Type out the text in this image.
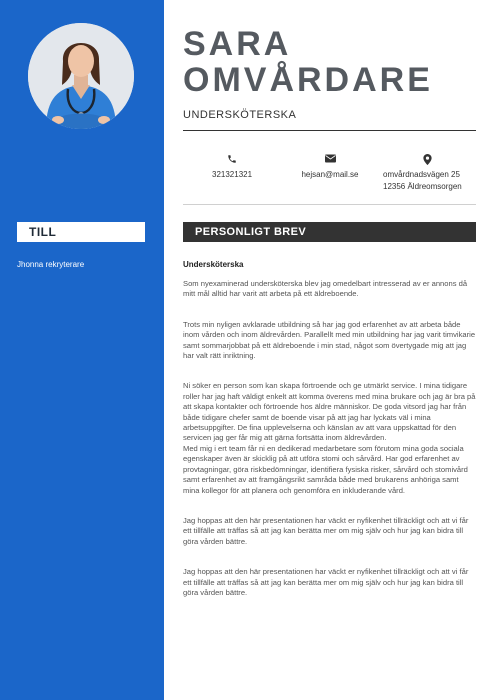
TILL
Jhonna rekryterare
SARA
OMVÅRDARE
UNDERSKÖTERSKA
321321321	hejsan@mail.se	omvårdnadsvägen 25
12356 Äldreomsorgen
PERSONLIGT BREV
Undersköterska

Som nyexaminerad undersköterska blev jag omedelbart intresserad av er annons då mitt mål alltid har varit att arbeta på ett äldreboende.

Trots min nyligen avklarade utbildning så har jag god erfarenhet av att arbeta både inom vården och inom äldrevården. Parallellt med min utbildning har jag varit timvikarie samt sommarjobbat på ett äldreboende i min stad, något som övertygade mig att jag har valt rätt inriktning.

Ni söker en person som kan skapa förtroende och ge utmärkt service. I mina tidigare roller har jag haft väldigt enkelt att komma överens med mina brukare och jag är bra på att skapa kontakter och förtroende hos äldre människor. De goda vitsord jag har från både tidigare chefer samt de boende visar på att jag har lyckats väl i mina arbetsuppgifter. De fina upplevelserna och känslan av att vara uppskattad för den servicen jag ger får mig att gärna fortsätta inom äldrevården.

Med mig i ert team får ni en dedikerad medarbetare som förutom mina goda sociala egenskaper även är skicklig på att utföra stomi och sårvård. Har god erfarenhet av provtagningar, göra riskbedömningar, identifiera fysiska risker, sårvård och stomivård samt erfarenhet av att framgångsrikt samråda både med brukarens anhöriga samt mina kollegor för att planera och genomföra en inkluderande vård.

Jag hoppas att den här presentationen har väckt er nyfikenhet tillräckligt och att vi får ett tillfälle att träffas så att jag kan berätta mer om mig själv och hur jag kan bidra till göra vården bättre.

Jag hoppas att den här presentationen har väckt er nyfikenhet tillräckligt och att vi får ett tillfälle att träffas så att jag kan berätta mer om mig själv och hur jag kan bidra till göra vården bättre.
